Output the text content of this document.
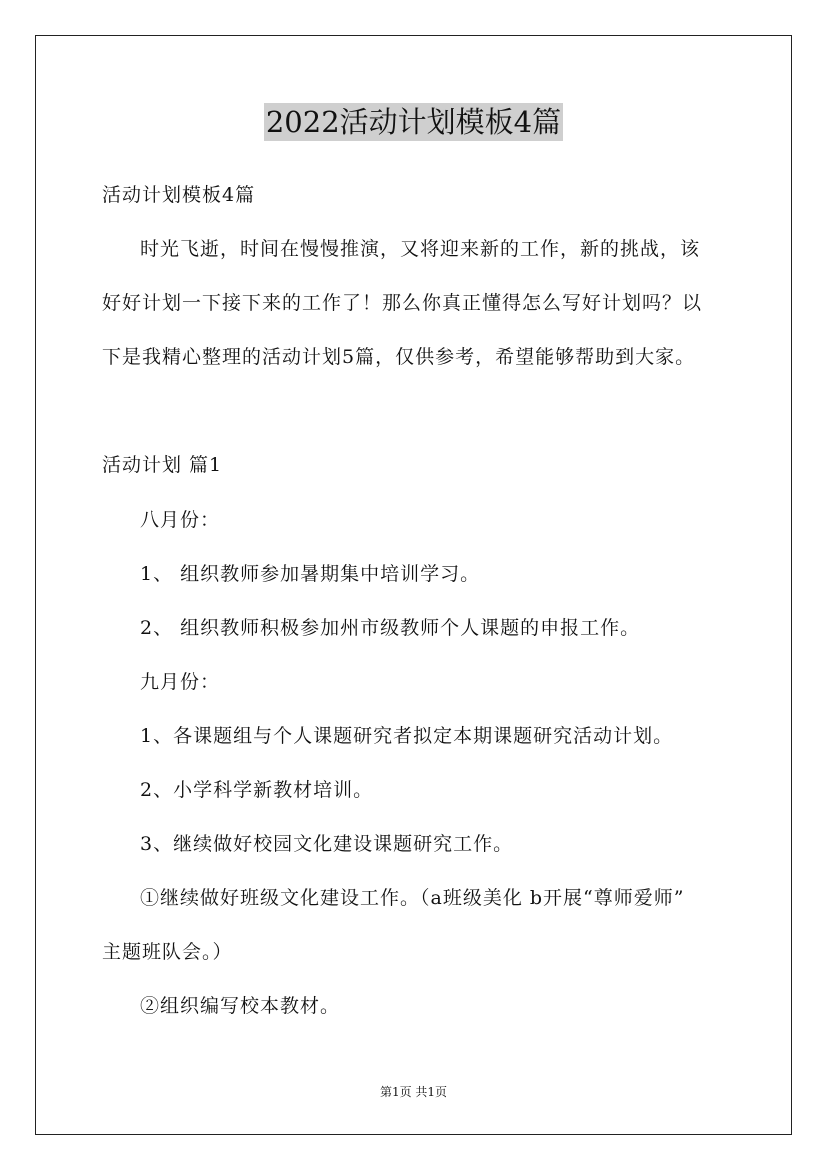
2022活动计划模板4篇
活动计划模板4篇
时光飞逝，时间在慢慢推演，又将迎来新的工作，新的挑战，该
好好计划一下接下来的工作了！那么你真正懂得怎么写好计划吗？以
下是我精心整理的活动计划5篇，仅供参考，希望能够帮助到大家。
活动计划 篇1
八月份：
1、 组织教师参加暑期集中培训学习。
2、 组织教师积极参加州市级教师个人课题的申报工作。
九月份：
1、各课题组与个人课题研究者拟定本期课题研究活动计划。
2、小学科学新教材培训。
3、继续做好校园文化建设课题研究工作。
①继续做好班级文化建设工作。（a班级美化 b开展“尊师爱师”
主题班队会。）
②组织编写校本教材。
第1页 共1页
